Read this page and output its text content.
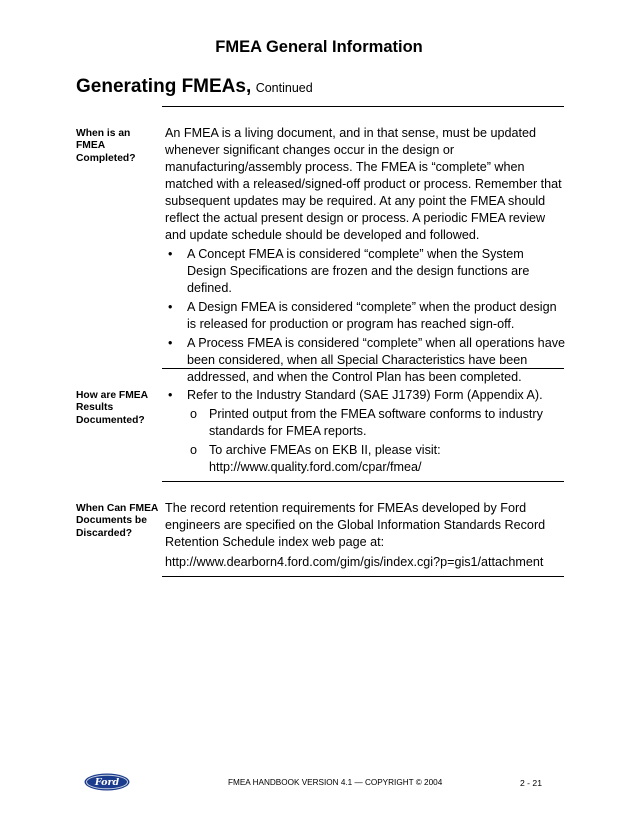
FMEA General Information
Generating FMEAs, Continued
When is an FMEA Completed?

An FMEA is a living document, and in that sense, must be updated whenever significant changes occur in the design or manufacturing/assembly process. The FMEA is “complete” when matched with a released/signed-off product or process. Remember that subsequent updates may be required. At any point the FMEA should reflect the actual present design or process. A periodic FMEA review and update schedule should be developed and followed.

• A Concept FMEA is considered “complete” when the System Design Specifications are frozen and the design functions are defined.
• A Design FMEA is considered “complete” when the product design is released for production or program has reached sign-off.
• A Process FMEA is considered “complete” when all operations have been considered, when all Special Characteristics have been addressed, and when the Control Plan has been completed.
How are FMEA Results Documented?
• Refer to the Industry Standard (SAE J1739) Form (Appendix A).
o Printed output from the FMEA software conforms to industry standards for FMEA reports.
o To archive FMEAs on EKB II, please visit: http://www.quality.ford.com/cpar/fmea/
When Can FMEA Documents be Discarded?

The record retention requirements for FMEAs developed by Ford engineers are specified on the Global Information Standards Record Retention Schedule index web page at:

http://www.dearborn4.ford.com/gim/gis/index.cgi?p=gis1/attachment

Ford	FMEA HANDBOOK VERSION 4.1 — COPYRIGHT © 2004	2 - 21
